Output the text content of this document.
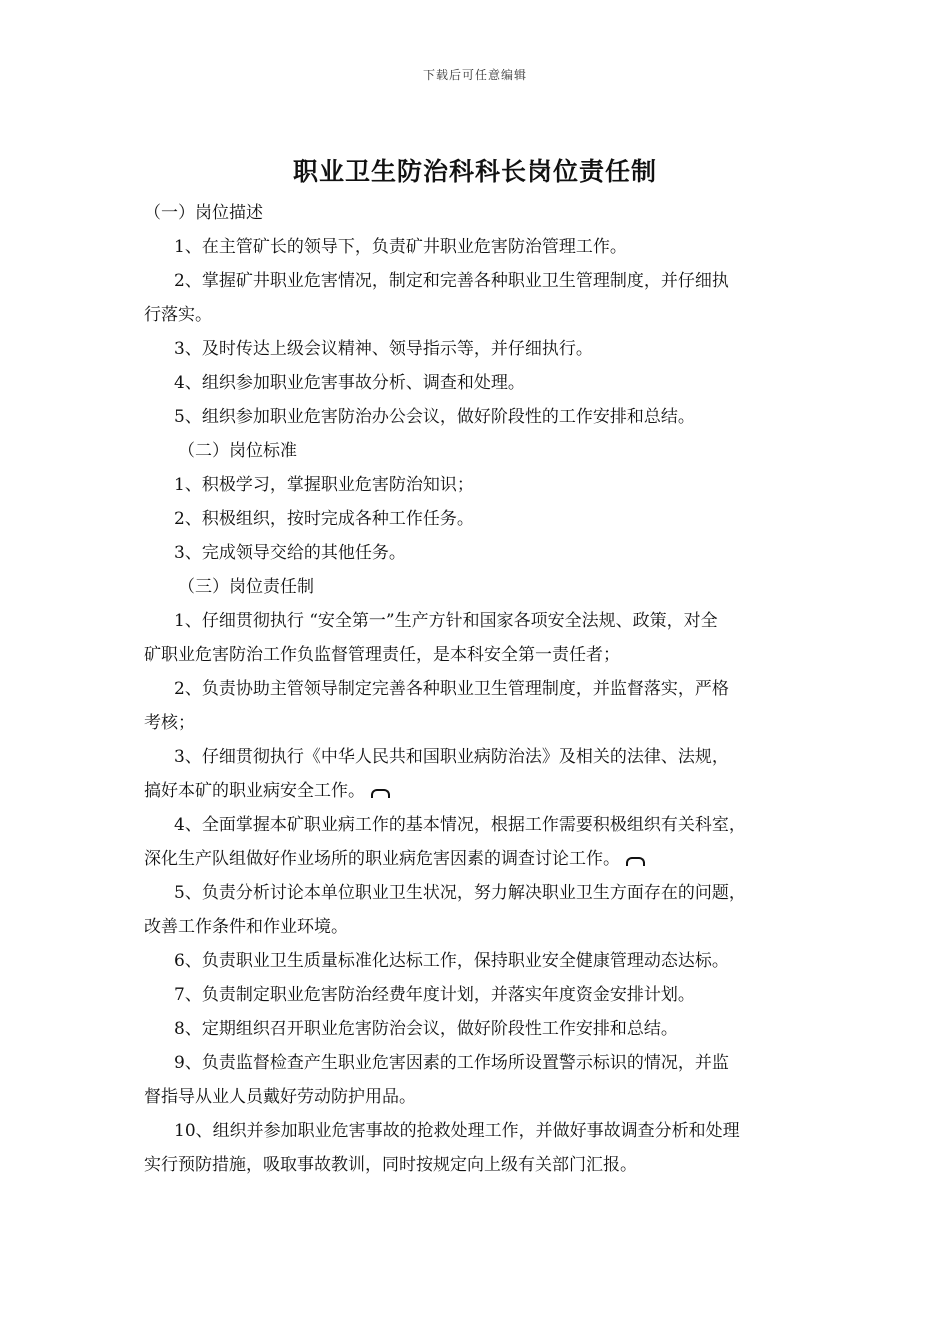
下载后可任意编辑
职业卫生防治科科长岗位责任制

（一）岗位描述

1、在主管矿长的领导下，负责矿井职业危害防治管理工作。

2、掌握矿井职业危害情况，制定和完善各种职业卫生管理制度，并仔细执

行落实。

3、及时传达上级会议精神、领导指示等，并仔细执行。

4、组织参加职业危害事故分析、调查和处理。

5、组织参加职业危害防治办公会议，做好阶段性的工作安排和总结。

（二）岗位标准

1、积极学习，掌握职业危害防治知识；

2、积极组织，按时完成各种工作任务。

3、完成领导交给的其他任务。

（三）岗位责任制

1、仔细贯彻执行 “安全第一”生产方针和国家各项安全法规、政策，对全

矿职业危害防治工作负监督管理责任，是本科安全第一责任者；

2、负责协助主管领导制定完善各种职业卫生管理制度，并监督落实，严格

考核；

3、仔细贯彻执行《中华人民共和国职业病防治法》及相关的法律、法规，

搞好本矿的职业病安全工作。

4、全面掌握本矿职业病工作的基本情况，根据工作需要积极组织有关科室，

深化生产队组做好作业场所的职业病危害因素的调查讨论工作。

5、负责分析讨论本单位职业卫生状况，努力解决职业卫生方面存在的问题，

改善工作条件和作业环境。

6、负责职业卫生质量标准化达标工作，保持职业安全健康管理动态达标。

7、负责制定职业危害防治经费年度计划，并落实年度资金安排计划。

8、定期组织召开职业危害防治会议，做好阶段性工作安排和总结。

9、负责监督检查产生职业危害因素的工作场所设置警示标识的情况，并监

督指导从业人员戴好劳动防护用品。

10、组织并参加职业危害事故的抢救处理工作，并做好事故调查分析和处理

实行预防措施，吸取事故教训，同时按规定向上级有关部门汇报。
